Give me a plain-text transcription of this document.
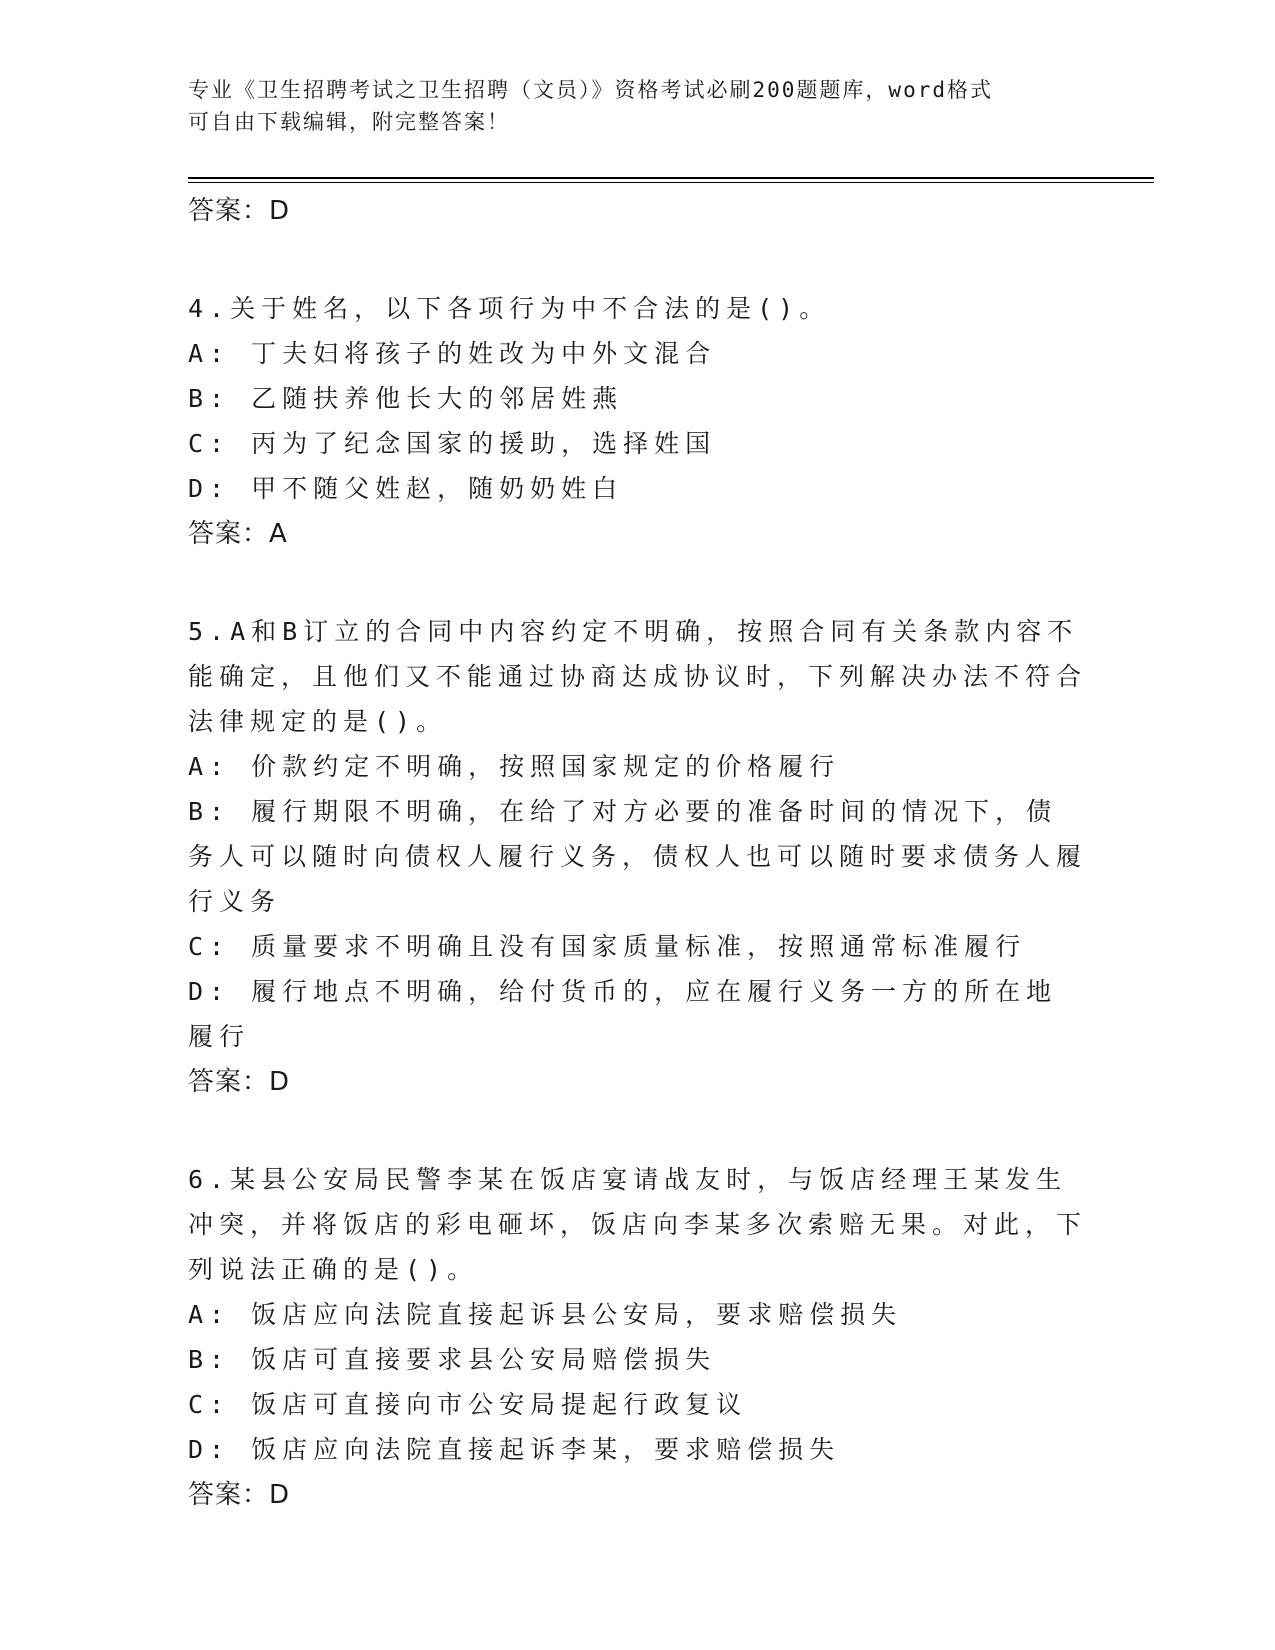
专业《卫生招聘考试之卫生招聘（文员）》资格考试必刷200题题库，word格式
可自由下载编辑，附完整答案！

答案：D

4.关于姓名，以下各项行为中不合法的是()。

A: 丁夫妇将孩子的姓改为中外文混合

B: 乙随扶养他长大的邻居姓燕

C: 丙为了纪念国家的援助，选择姓国

D: 甲不随父姓赵，随奶奶姓白

答案：A

5.A和B订立的合同中内容约定不明确，按照合同有关条款内容不能确定，且他们又不能通过协商达成协议时，下列解决办法不符合法律规定的是()。

A: 价款约定不明确，按照国家规定的价格履行

B: 履行期限不明确，在给了对方必要的准备时间的情况下，债务人可以随时向债权人履行义务，债权人也可以随时要求债务人履行义务

C: 质量要求不明确且没有国家质量标准，按照通常标准履行

D: 履行地点不明确，给付货币的，应在履行义务一方的所在地履行

答案：D

6.某县公安局民警李某在饭店宴请战友时，与饭店经理王某发生冲突，并将饭店的彩电砸坏，饭店向李某多次索赔无果。对此，下列说法正确的是()。

A: 饭店应向法院直接起诉县公安局，要求赔偿损失

B: 饭店可直接要求县公安局赔偿损失

C: 饭店可直接向市公安局提起行政复议

D: 饭店应向法院直接起诉李某，要求赔偿损失

答案：D
